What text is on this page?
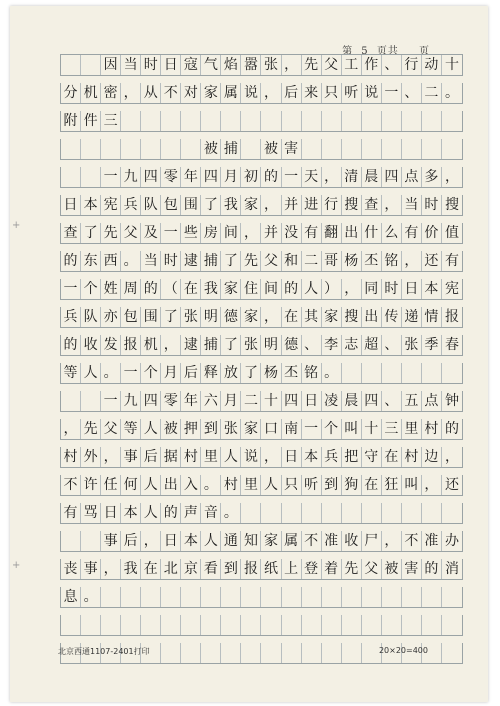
第 5 页共 页
因 当 时 日 寇 气 焰 嚣 张 ， 先 父 工 作 、 行 动 十
分 机 密 ， 从 不 对 家 属 说 ， 后 来 只 听 说 一 、 二 。
附 件 三
被 捕 被 害
一 九 四 零 年 四 月 初 的 一 天 ， 清 晨 四 点 多 ，
日 本 宪 兵 队 包 围 了 我 家 ， 并 进 行 搜 查 ， 当 时 搜
查 了 先 父 及 一 些 房 间 ， 并 没 有 翻 出 什 么 有 价 值
的 东 西 。 当 时 逮 捕 了 先 父 和 二 哥 杨 丕 铭 ， 还 有
一 个 姓 周 的 （ 在 我 家 住 间 的 人 ） ， 同 时 日 本 宪
兵 队 亦 包 围 了 张 明 德 家 ， 在 其 家 搜 出 传 递 情 报
的 收 发 报 机 ， 逮 捕 了 张 明 德 、 李 志 超 、 张 季 春
等 人 。 一 个 月 后 释 放 了 杨 丕 铭 。
一 九 四 零 年 六 月 二 十 四 日 凌 晨 四 、 五 点 钟
， 先 父 等 人 被 押 到 张 家 口 南 一 个 叫 十 三 里 村 的
村 外 ， 事 后 据 村 里 人 说 ， 日 本 兵 把 守 在 村 边 ，
不 许 任 何 人 出 入 。 村 里 人 只 听 到 狗 在 狂 叫 ， 还
有 骂 日 本 人 的 声 音 。
事 后 ， 日 本 人 通 知 家 属 不 准 收 尸 ， 不 准 办
丧 事 ， 我 在 北 京 看 到 报 纸 上 登 着 先 父 被 害 的 消
息 。
北京西通1107-2401打印	20×20=400
+
+
